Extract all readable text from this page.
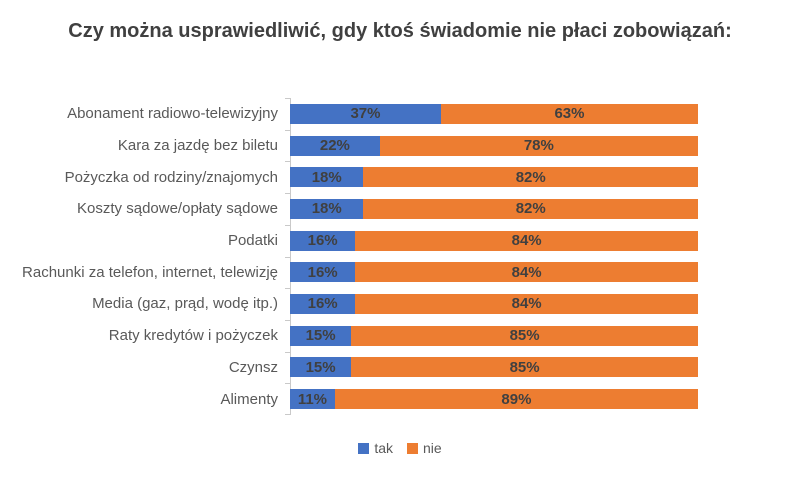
Czy można usprawiedliwić, gdy ktoś świadomie nie płaci zobowiązań:
Abonament radiowo-telewizyjny	37%	63%
Kara za jazdę bez biletu	22%	78%
Pożyczka od rodziny/znajomych	18%	82%
Koszty sądowe/opłaty sądowe	18%	82%
Podatki	16%	84%
Rachunki za telefon, internet, telewizję	16%	84%
Media (gaz, prąd, wodę itp.)	16%	84%
Raty kredytów i pożyczek	15%	85%
Czynsz	15%	85%
Alimenty	11%	89%
tak nie
